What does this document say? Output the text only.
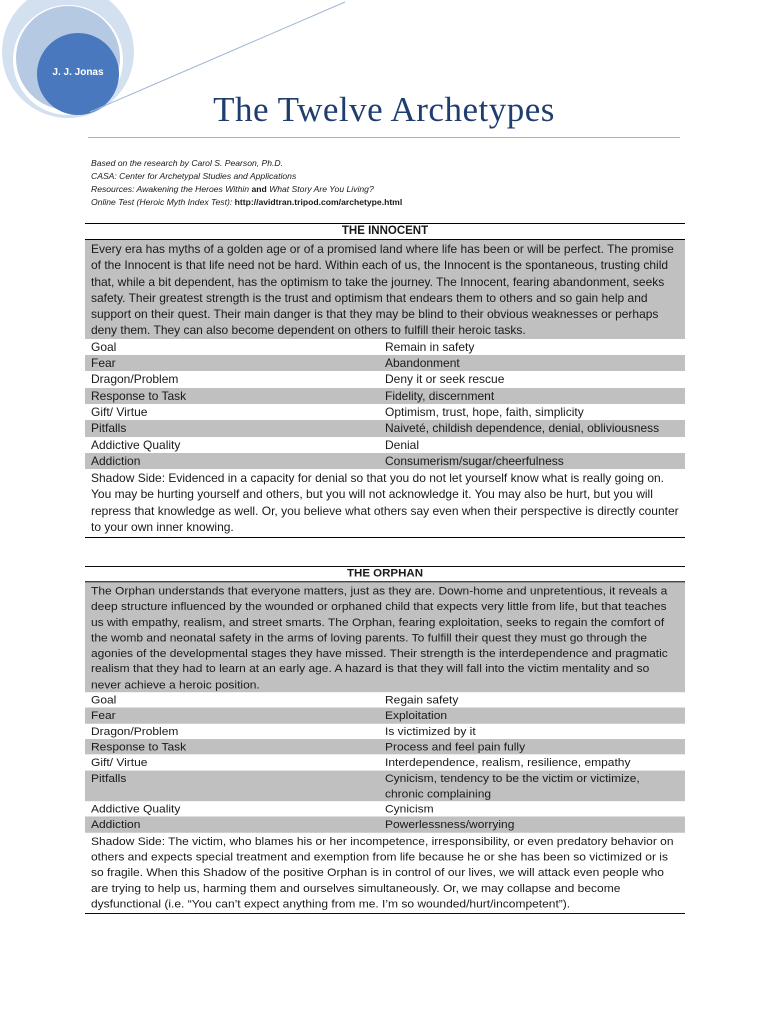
J. J. Jonas
The Twelve Archetypes
Based on the research by Carol S. Pearson, Ph.D.
CASA: Center for Archetypal Studies and Applications
Resources: Awakening the Heroes Within and What Story Are You Living?
Online Test (Heroic Myth Index Test): http://avidtran.tripod.com/archetype.html
THE INNOCENT
Every era has myths of a golden age or of a promised land where life has been or will be perfect. The promise of the Innocent is that life need not be hard. Within each of us, the Innocent is the spontaneous, trusting child that, while a bit dependent, has the optimism to take the journey. The Innocent, fearing abandonment, seeks safety. Their greatest strength is the trust and optimism that endears them to others and so gain help and support on their quest. Their main danger is that they may be blind to their obvious weaknesses or perhaps deny them. They can also become dependent on others to fulfill their heroic tasks.
Goal	Remain in safety
Fear	Abandonment
Dragon/Problem	Deny it or seek rescue
Response to Task	Fidelity, discernment
Gift/ Virtue	Optimism, trust, hope, faith, simplicity
Pitfalls	Naiveté, childish dependence, denial, obliviousness
Addictive Quality	Denial
Addiction	Consumerism/sugar/cheerfulness
Shadow Side: Evidenced in a capacity for denial so that you do not let yourself know what is really going on. You may be hurting yourself and others, but you will not acknowledge it. You may also be hurt, but you will repress that knowledge as well. Or, you believe what others say even when their perspective is directly counter to your own inner knowing.
THE ORPHAN
The Orphan understands that everyone matters, just as they are. Down-home and unpretentious, it reveals a deep structure influenced by the wounded or orphaned child that expects very little from life, but that teaches us with empathy, realism, and street smarts. The Orphan, fearing exploitation, seeks to regain the comfort of the womb and neonatal safety in the arms of loving parents. To fulfill their quest they must go through the agonies of the developmental stages they have missed. Their strength is the interdependence and pragmatic realism that they had to learn at an early age. A hazard is that they will fall into the victim mentality and so never achieve a heroic position.
Goal	Regain safety
Fear	Exploitation
Dragon/Problem	Is victimized by it
Response to Task	Process and feel pain fully
Gift/ Virtue	Interdependence, realism, resilience, empathy
Pitfalls	Cynicism, tendency to be the victim or victimize, chronic complaining
Addictive Quality	Cynicism
Addiction	Powerlessness/worrying
Shadow Side: The victim, who blames his or her incompetence, irresponsibility, or even predatory behavior on others and expects special treatment and exemption from life because he or she has been so victimized or is so fragile. When this Shadow of the positive Orphan is in control of our lives, we will attack even people who are trying to help us, harming them and ourselves simultaneously. Or, we may collapse and become dysfunctional (i.e. “You can’t expect anything from me. I’m so wounded/hurt/incompetent”).
